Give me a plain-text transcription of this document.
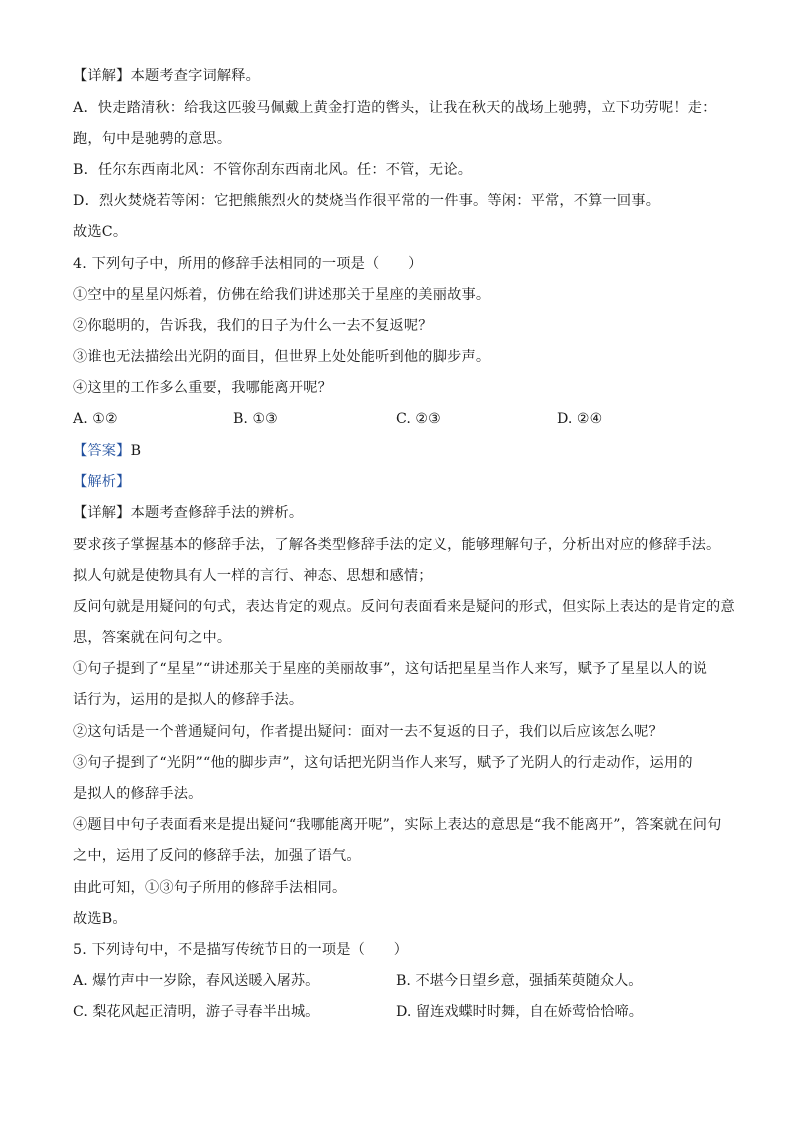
【详解】本题考查字词解释。
A．快走踏清秋：给我这匹骏马佩戴上黄金打造的辔头，让我在秋天的战场上驰骋，立下功劳呢！走：
跑，句中是驰骋的意思。
B．任尔东西南北风：不管你刮东西南北风。任：不管，无论。
D．烈火焚烧若等闲：它把熊熊烈火的焚烧当作很平常的一件事。等闲：平常，不算一回事。
故选C。
4. 下列句子中，所用的修辞手法相同的一项是（　　）
①空中的星星闪烁着，仿佛在给我们讲述那关于星座的美丽故事。
②你聪明的，告诉我，我们的日子为什么一去不复返呢？
③谁也无法描绘出光阴的面目，但世界上处处能听到他的脚步声。
④这里的工作多么重要，我哪能离开呢？
A. ①②	B. ①③	C. ②③	D. ②④
【答案】B
【解析】
【详解】本题考查修辞手法的辨析。
要求孩子掌握基本的修辞手法，了解各类型修辞手法的定义，能够理解句子，分析出对应的修辞手法。
拟人句就是使物具有人一样的言行、神态、思想和感情；
反问句就是用疑问的句式，表达肯定的观点。反问句表面看来是疑问的形式，但实际上表达的是肯定的意
思，答案就在问句之中。
①句子提到了“星星”“讲述那关于星座的美丽故事”，这句话把星星当作人来写，赋予了星星以人的说
话行为，运用的是拟人的修辞手法。
②这句话是一个普通疑问句，作者提出疑问：面对一去不复返的日子，我们以后应该怎么呢？
③句子提到了“光阴”“他的脚步声”，这句话把光阴当作人来写，赋予了光阴人的行走动作，运用的
是拟人的修辞手法。
④题目中句子表面看来是提出疑问“我哪能离开呢”，实际上表达的意思是“我不能离开”，答案就在问句
之中，运用了反问的修辞手法，加强了语气。
由此可知，①③句子所用的修辞手法相同。
故选B。
5. 下列诗句中，不是描写传统节日的一项是（　　）
A. 爆竹声中一岁除，春风送暖入屠苏。	B. 不堪今日望乡意，强插茱萸随众人。
C. 梨花风起正清明，游子寻春半出城。	D. 留连戏蝶时时舞，自在娇莺恰恰啼。
